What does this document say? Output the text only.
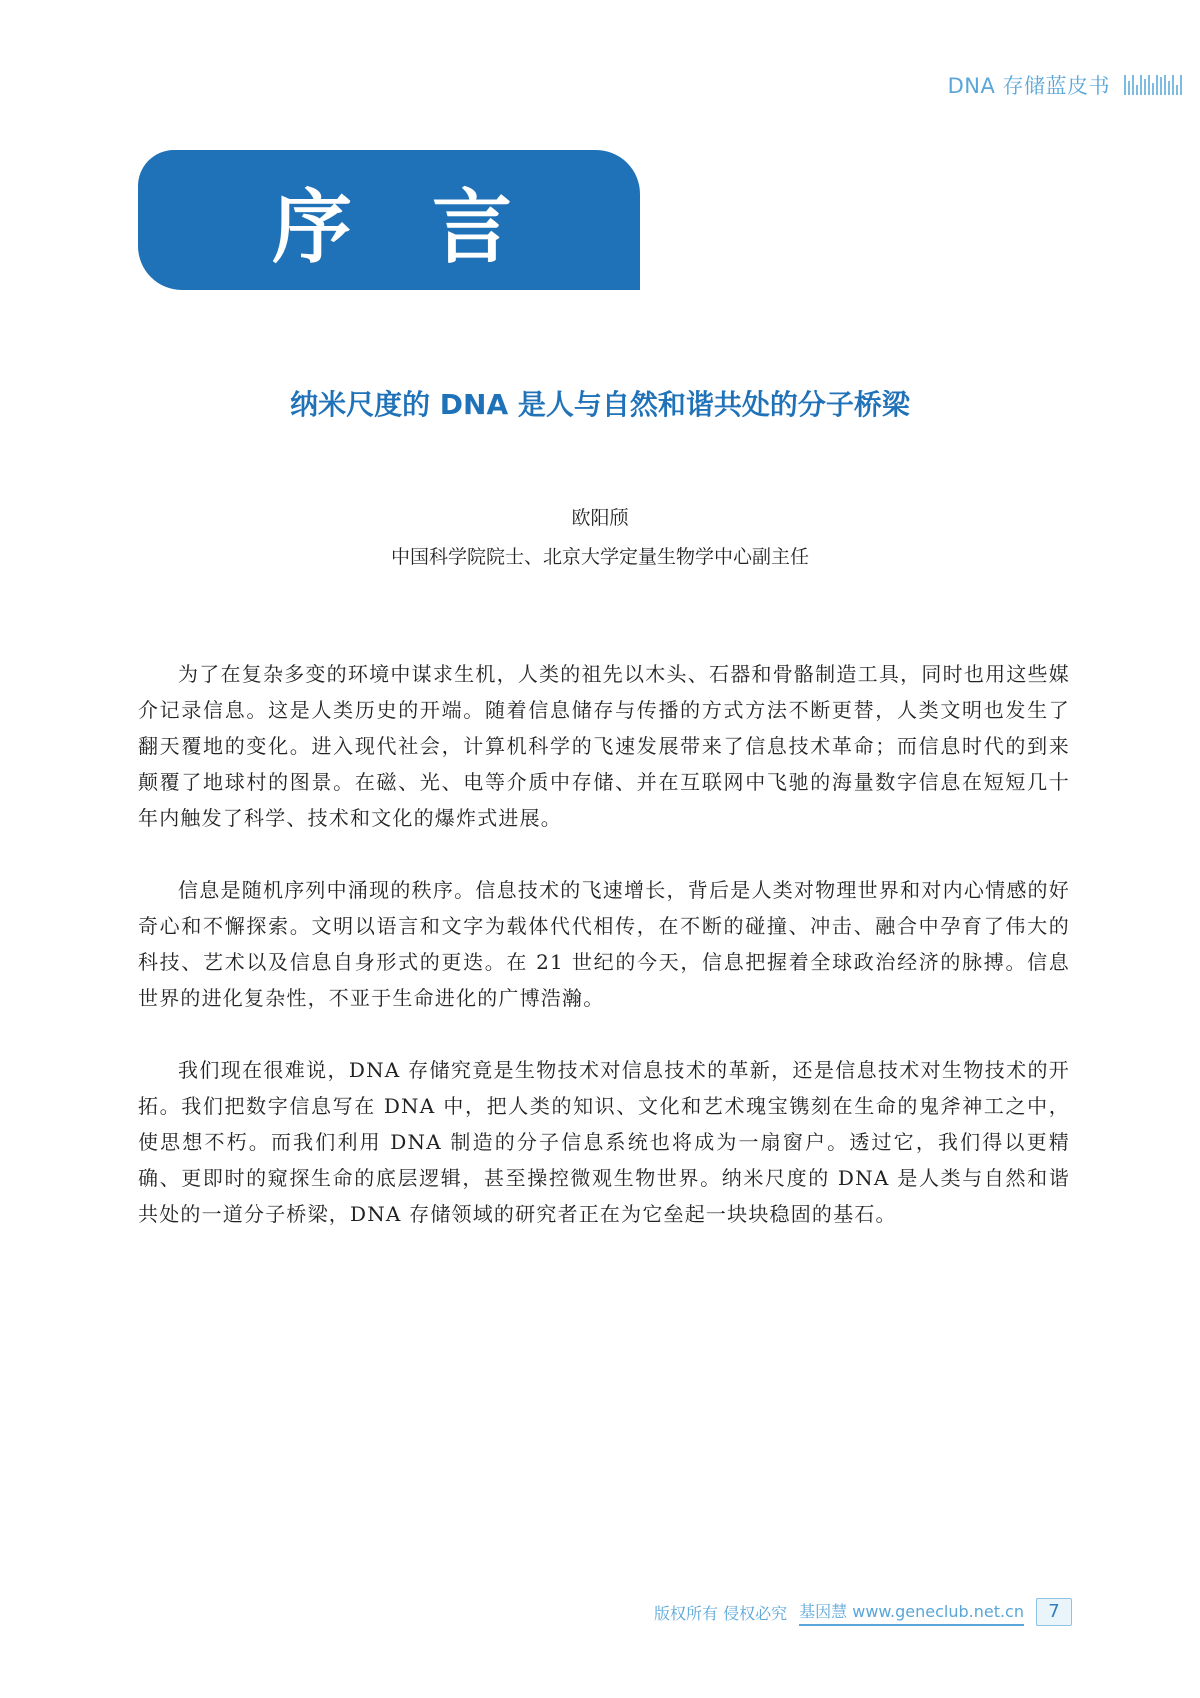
DNA 存储蓝皮书
序言
纳米尺度的 DNA 是人与自然和谐共处的分子桥梁
欧阳颀
中国科学院院士、北京大学定量生物学中心副主任

为了在复杂多变的环境中谋求生机，人类的祖先以木头、石器和骨骼制造工具，同时也用这些媒介记录信息。这是人类历史的开端。随着信息储存与传播的方式方法不断更替，人类文明也发生了翻天覆地的变化。进入现代社会，计算机科学的飞速发展带来了信息技术革命；而信息时代的到来颠覆了地球村的图景。在磁、光、电等介质中存储、并在互联网中飞驰的海量数字信息在短短几十年内触发了科学、技术和文化的爆炸式进展。

信息是随机序列中涌现的秩序。信息技术的飞速增长，背后是人类对物理世界和对内心情感的好奇心和不懈探索。文明以语言和文字为载体代代相传，在不断的碰撞、冲击、融合中孕育了伟大的科技、艺术以及信息自身形式的更迭。在 21 世纪的今天，信息把握着全球政治经济的脉搏。信息世界的进化复杂性，不亚于生命进化的广博浩瀚。

我们现在很难说，DNA 存储究竟是生物技术对信息技术的革新，还是信息技术对生物技术的开拓。我们把数字信息写在 DNA 中，把人类的知识、文化和艺术瑰宝镌刻在生命的鬼斧神工之中，使思想不朽。而我们利用 DNA 制造的分子信息系统也将成为一扇窗户。透过它，我们得以更精确、更即时的窥探生命的底层逻辑，甚至操控微观生物世界。纳米尺度的 DNA 是人类与自然和谐共处的一道分子桥梁，DNA 存储领域的研究者正在为它垒起一块块稳固的基石。

版权所有 侵权必究 基因慧 www.geneclub.net.cn	7
